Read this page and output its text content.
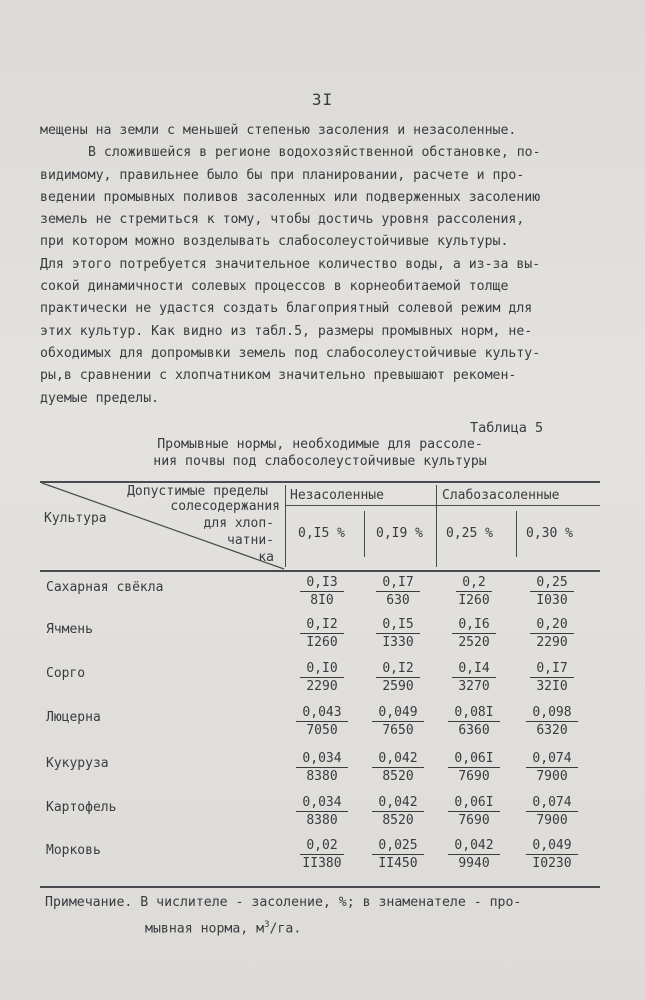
3I
мещены на земли с меньшей степенью засоления и незасоленные.
В сложившейся в регионе водохозяйственной обстановке, по-
видимому, правильнее было бы при планировании, расчете и про-
ведении промывных поливов засоленных или подверженных засолению
земель не стремиться к тому, чтобы достичь уровня рассоления,
при котором можно возделывать слабосолеустойчивые культуры.
Для этого потребуется значительное количество воды, а из-за вы-
сокой динамичности солевых процессов в корнеобитаемой толще
практически не удастся создать благоприятный солевой режим для
этих культур. Как видно из табл.5, размеры промывных норм, не-
обходимых для допромывки земель под слабосолеустойчивые культу-
ры,в сравнении с хлопчатником значительно превышают рекомен-
дуемые пределы.
Таблица 5
Промывные нормы, необходимые для рассоле-
ния почвы под слабосолеустойчивые культуры
Допустимые пределы
солесодержания
для хлоп-
чатни-
ка
Культура
Незасоленные	Слабозасоленные
0,I5 % 0,I9 % 0,25 %	0,30 %
Сахарная свёкла	$\frac{0,I3}{8I0} \frac{0,I7}{630} \frac{0,2}{I260} \frac{0,25}{I030}$
Ячмень	$\frac{0,I2}{I260} \frac{0,I5}{I330} \frac{0,I6}{2520} \frac{0,20}{2290}$
Сорго	$\frac{0,I0}{2290} \frac{0,I2}{2590} \frac{0,I4}{3270} \frac{0,I7}{32I0}$
Люцерна	$\frac{0,043}{7050} \frac{0,049}{7650} \frac{0,08I}{6360} \frac{0,098}{6320}$
Кукуруза	$\frac{0,034}{8380} \frac{0,042}{8520} \frac{0,06I}{7690} \frac{0,074}{7900}$
Картофель	$\frac{0,034}{8380} \frac{0,042}{8520} \frac{0,06I}{7690} \frac{0,074}{7900}$
Морковь	$\frac{0,02}{II380} \frac{0,025}{II450} \frac{0,042}{9940} \frac{0,049}{I0230}$
Примечание. В числителе - засоление, %; в знаменателе - про-
мывная норма, $м^3/га$.
